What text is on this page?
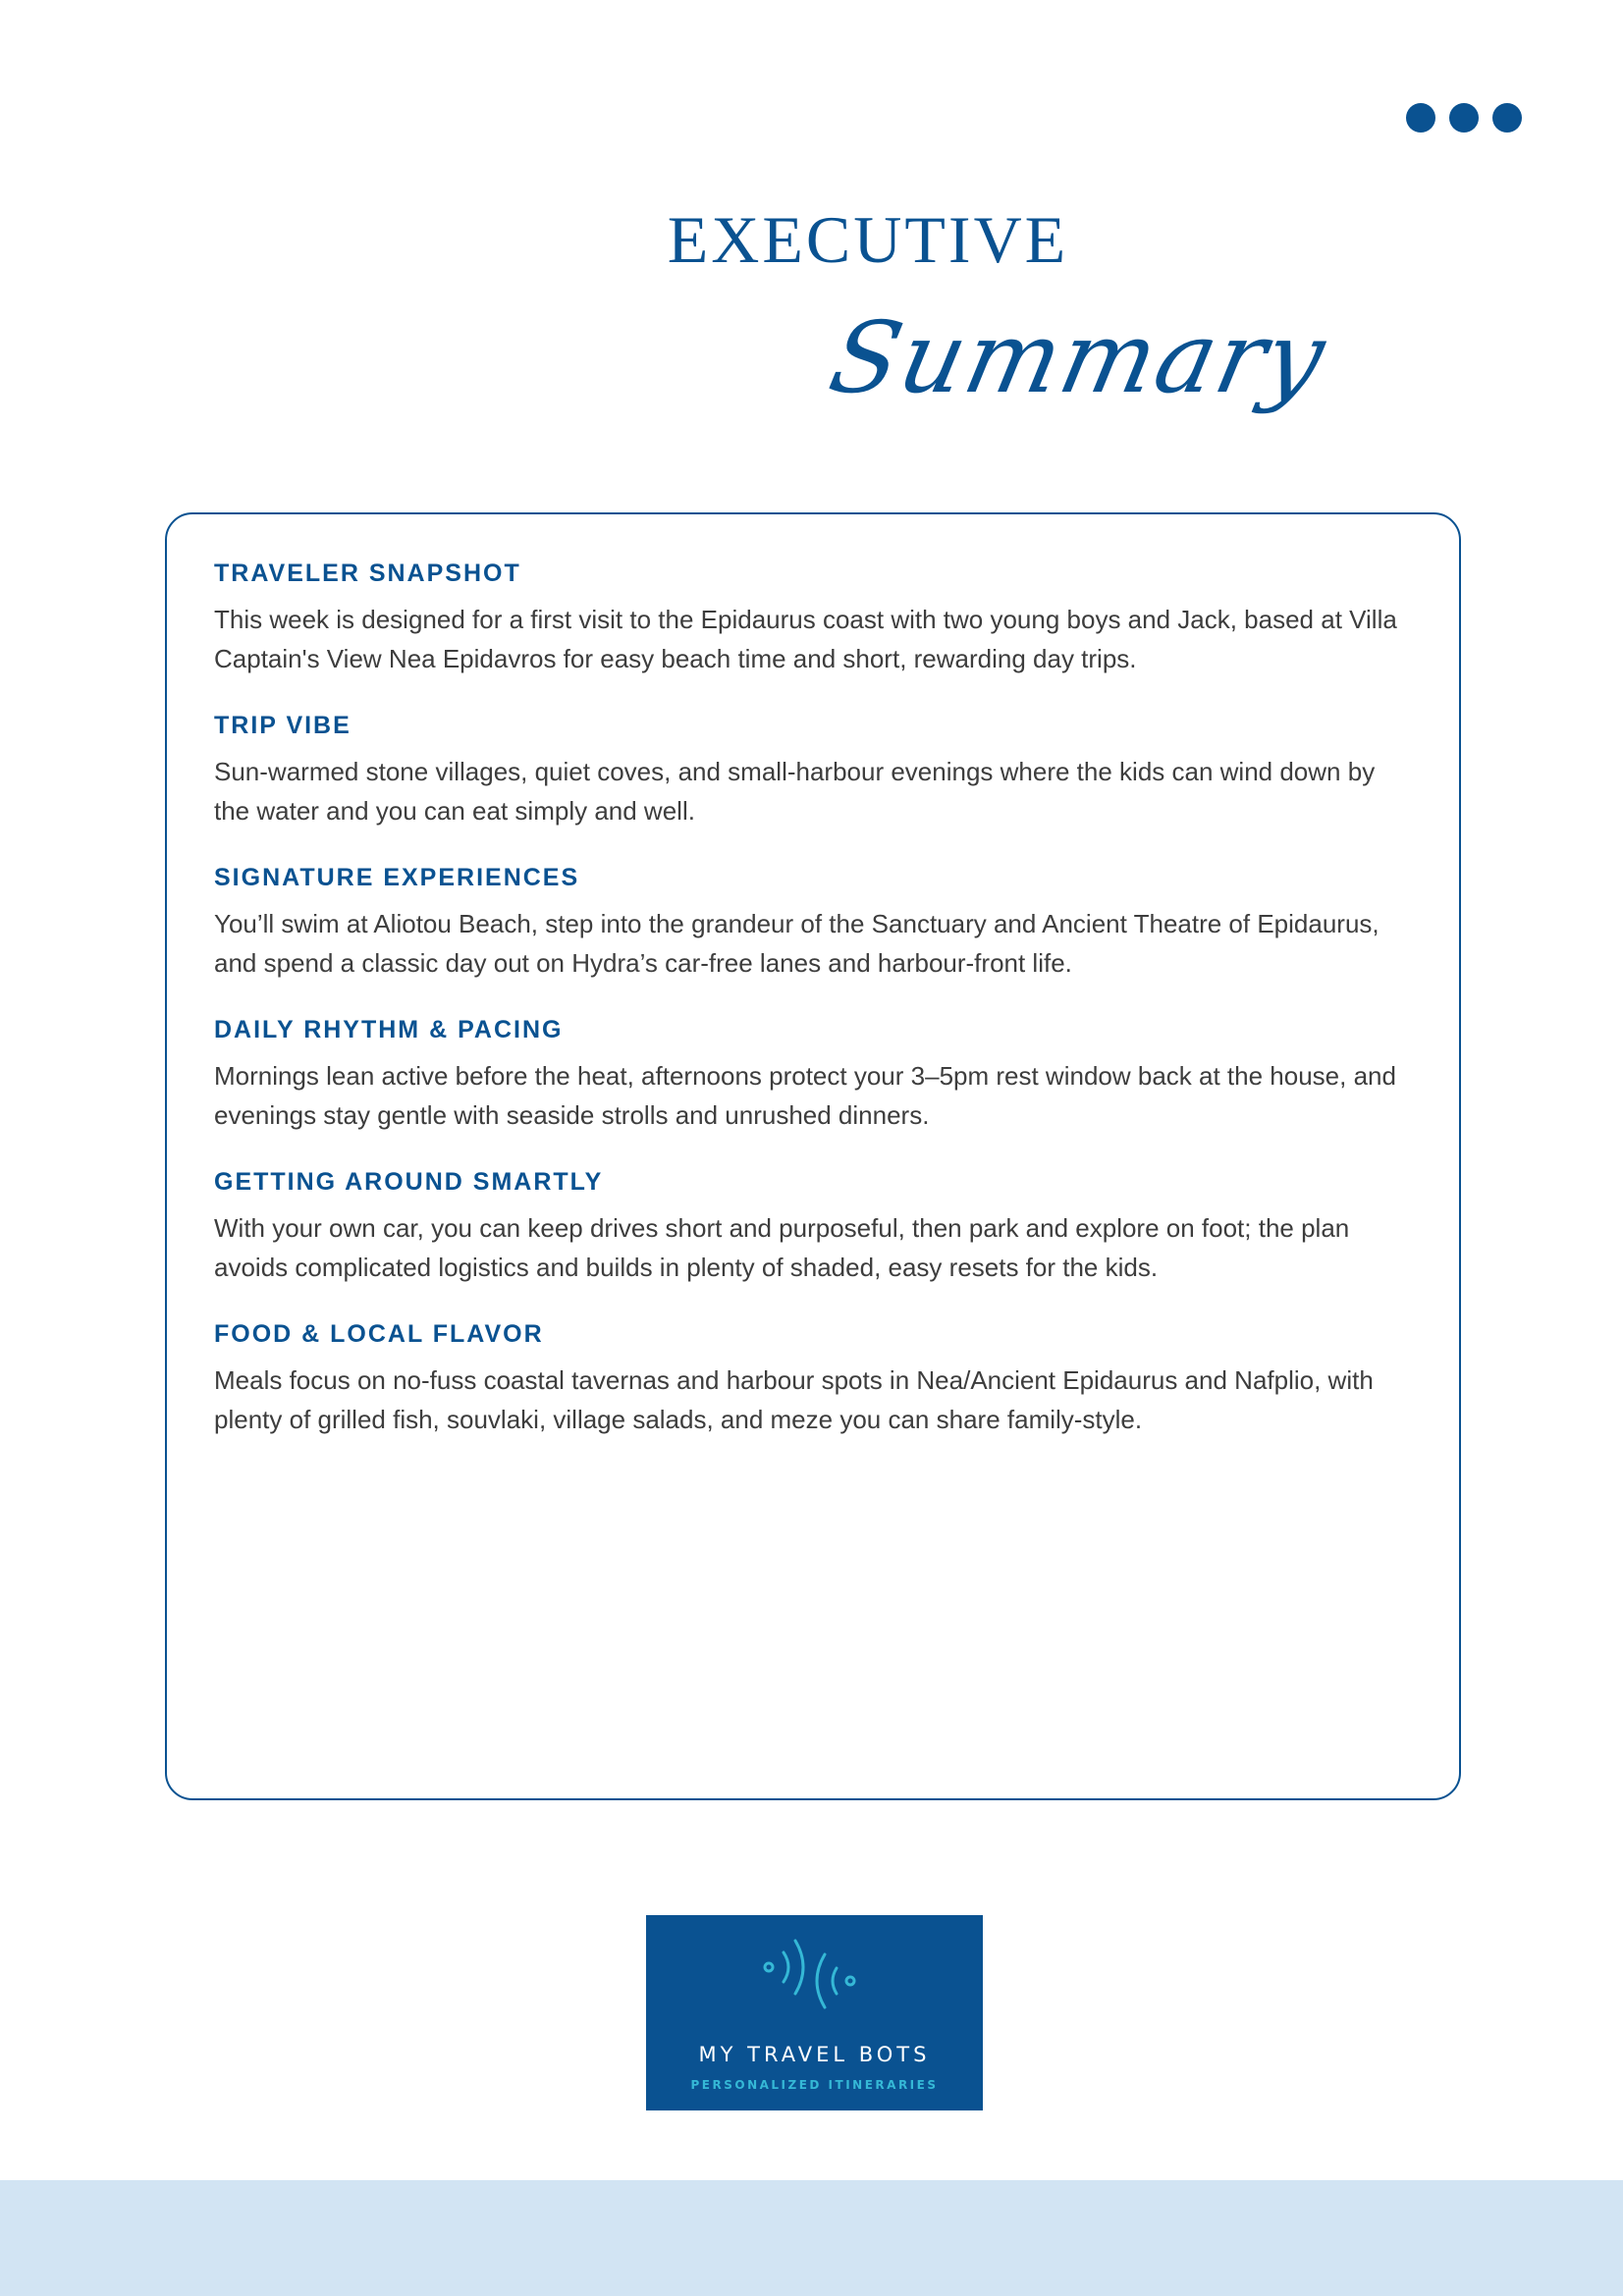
EXECUTIVE
Summary
TRAVELER SNAPSHOT
This week is designed for a first visit to the Epidaurus coast with two young boys and Jack, based at Villa Captain's View Nea Epidavros for easy beach time and short, rewarding day trips.
TRIP VIBE
Sun-warmed stone villages, quiet coves, and small-harbour evenings where the kids can wind down by the water and you can eat simply and well.
SIGNATURE EXPERIENCES
You’ll swim at Aliotou Beach, step into the grandeur of the Sanctuary and Ancient Theatre of Epidaurus, and spend a classic day out on Hydra’s car-free lanes and harbour-front life.
DAILY RHYTHM & PACING
Mornings lean active before the heat, afternoons protect your 3–5pm rest window back at the house, and evenings stay gentle with seaside strolls and unrushed dinners.
GETTING AROUND SMARTLY
With your own car, you can keep drives short and purposeful, then park and explore on foot; the plan avoids complicated logistics and builds in plenty of shaded, easy resets for the kids.
FOOD & LOCAL FLAVOR
Meals focus on no-fuss coastal tavernas and harbour spots in Nea/Ancient Epidaurus and Nafplio, with plenty of grilled fish, souvlaki, village salads, and meze you can share family-style.
MY TRAVEL BOTS
PERSONALIZED ITINERARIES
